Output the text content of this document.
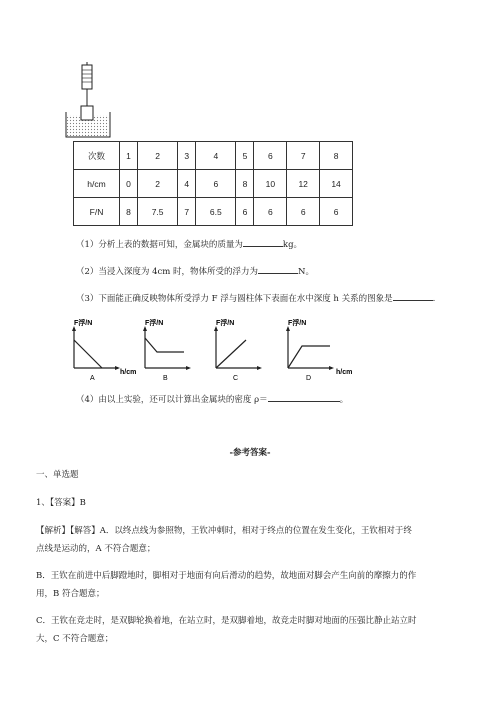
次数	1	2	3	4	5	6	7	8
h/cm	0	2	4	6	8	10	12	14
F/N	8	7.5	7	6.5	6	6	6	6
（1）分析上表的数据可知，金属块的质量为	kg。
（2）当浸入深度为 4cm 时，物体所受的浮力为	N。
（3）下面能正确反映物体所受浮力 F 浮与圆柱体下表面在水中深度 h 关系的图象是	.
F浮/N
A
h/cm
F浮/N
B
F浮/N
C
F浮/N
D
h/cm
（4）由以上实验，还可以计算出金属块的密度 ρ＝	。
-参考答案-
一、单选题
1、【答案】B
【解析】【解答】A．以终点线为参照物，王钦冲刺时，相对于终点的位置在发生变化，王钦相对于终
点线是运动的，A 不符合题意；
B．王钦在前进中后脚蹬地时，脚相对于地面有向后滑动的趋势，故地面对脚会产生向前的摩擦力的作
用，B 符合题意；
C．王钦在竞走时，是双脚轮换着地，在站立时，是双脚着地，故竞走时脚对地面的压强比静止站立时
大，C 不符合题意；
